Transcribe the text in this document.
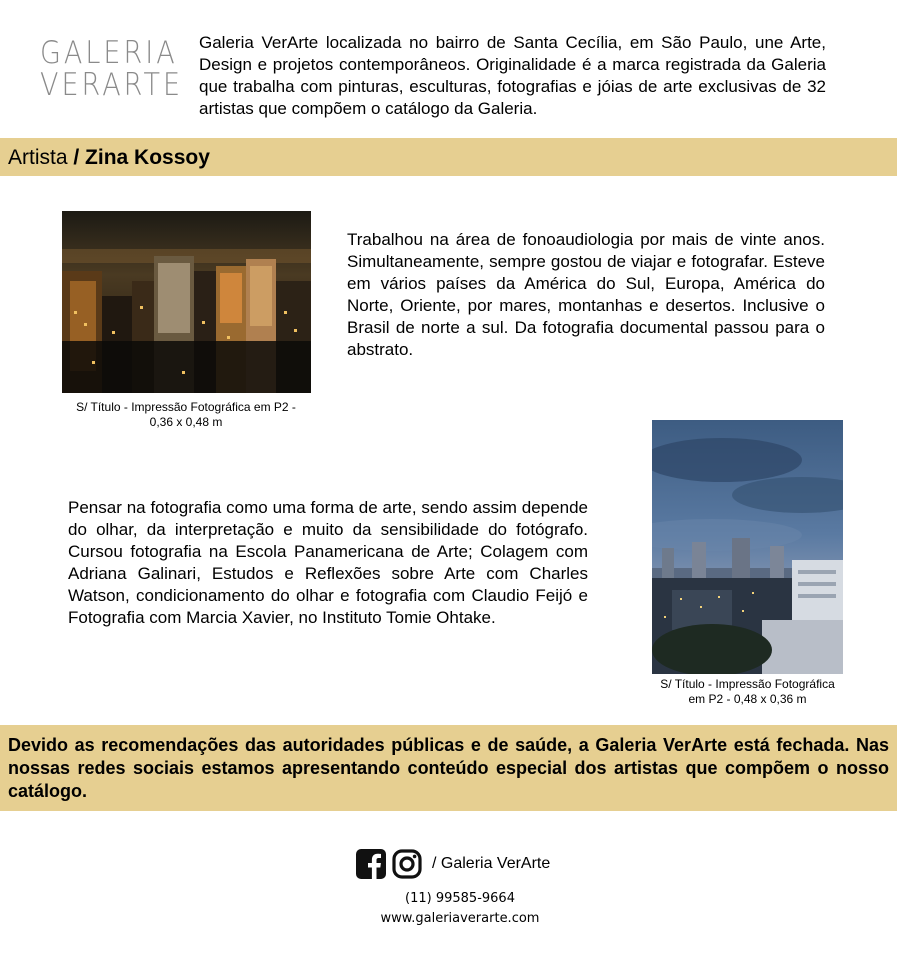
GALERIA
VERARTE
Galeria VerArte localizada no bairro de Santa Cecília, em São Paulo, une Arte, Design e projetos contemporâneos. Originalidade é a marca registrada da Galeria que trabalha com pinturas, esculturas, fotografias e jóias de arte exclusivas de 32 artistas que compõem o catálogo da Galeria.
Artista / Zina Kossoy
S/ Título - Impressão Fotográfica em P2 -
0,36 x 0,48 m
Trabalhou na área de fonoaudiologia por mais de vinte anos. Simultaneamente, sempre gostou de viajar e fotografar. Esteve em vários países da América do Sul, Europa, América do Norte, Oriente, por mares, montanhas e desertos. Inclusive o Brasil de norte a sul. Da fotografia documental passou para o abstrato.
S/ Título - Impressão Fotográfica
em P2 - 0,48 x 0,36 m
Pensar na fotografia como uma forma de arte, sendo assim depende do olhar, da interpretação e muito da sensibilidade do fotógrafo. Cursou fotografia na Escola Panamericana de Arte; Colagem com Adriana Galinari, Estudos e Reflexões sobre Arte com Charles Watson, condicionamento do olhar e fotografia com Claudio Feijó e Fotografia com Marcia Xavier, no Instituto Tomie Ohtake.
Devido as recomendações das autoridades públicas e de saúde, a Galeria VerArte está fechada. Nas nossas redes sociais estamos apresentando conteúdo especial dos artistas que compõem o nosso catálogo.
/ Galeria VerArte
(11) 99585-9664
www.galeriaverarte.com
